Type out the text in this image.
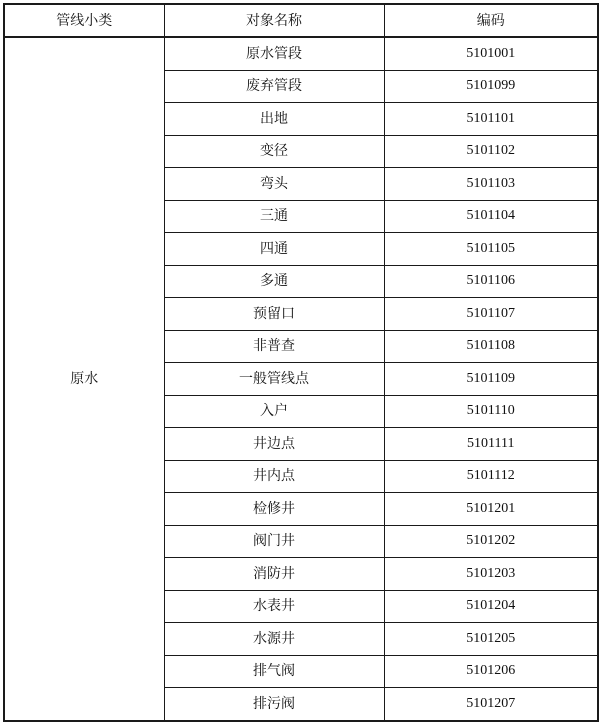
管线小类	对象名称	编码
原水	原水管段	5101001
	废弃管段	5101099
	出地	5101101
	变径	5101102
	弯头	5101103
	三通	5101104
	四通	5101105
	多通	5101106
	预留口	5101107
	非普查	5101108
	一般管线点	5101109
	入户	5101110
	井边点	5101111
	井内点	5101112
	检修井	5101201
	阀门井	5101202
	消防井	5101203
	水表井	5101204
	水源井	5101205
	排气阀	5101206
	排污阀	5101207
